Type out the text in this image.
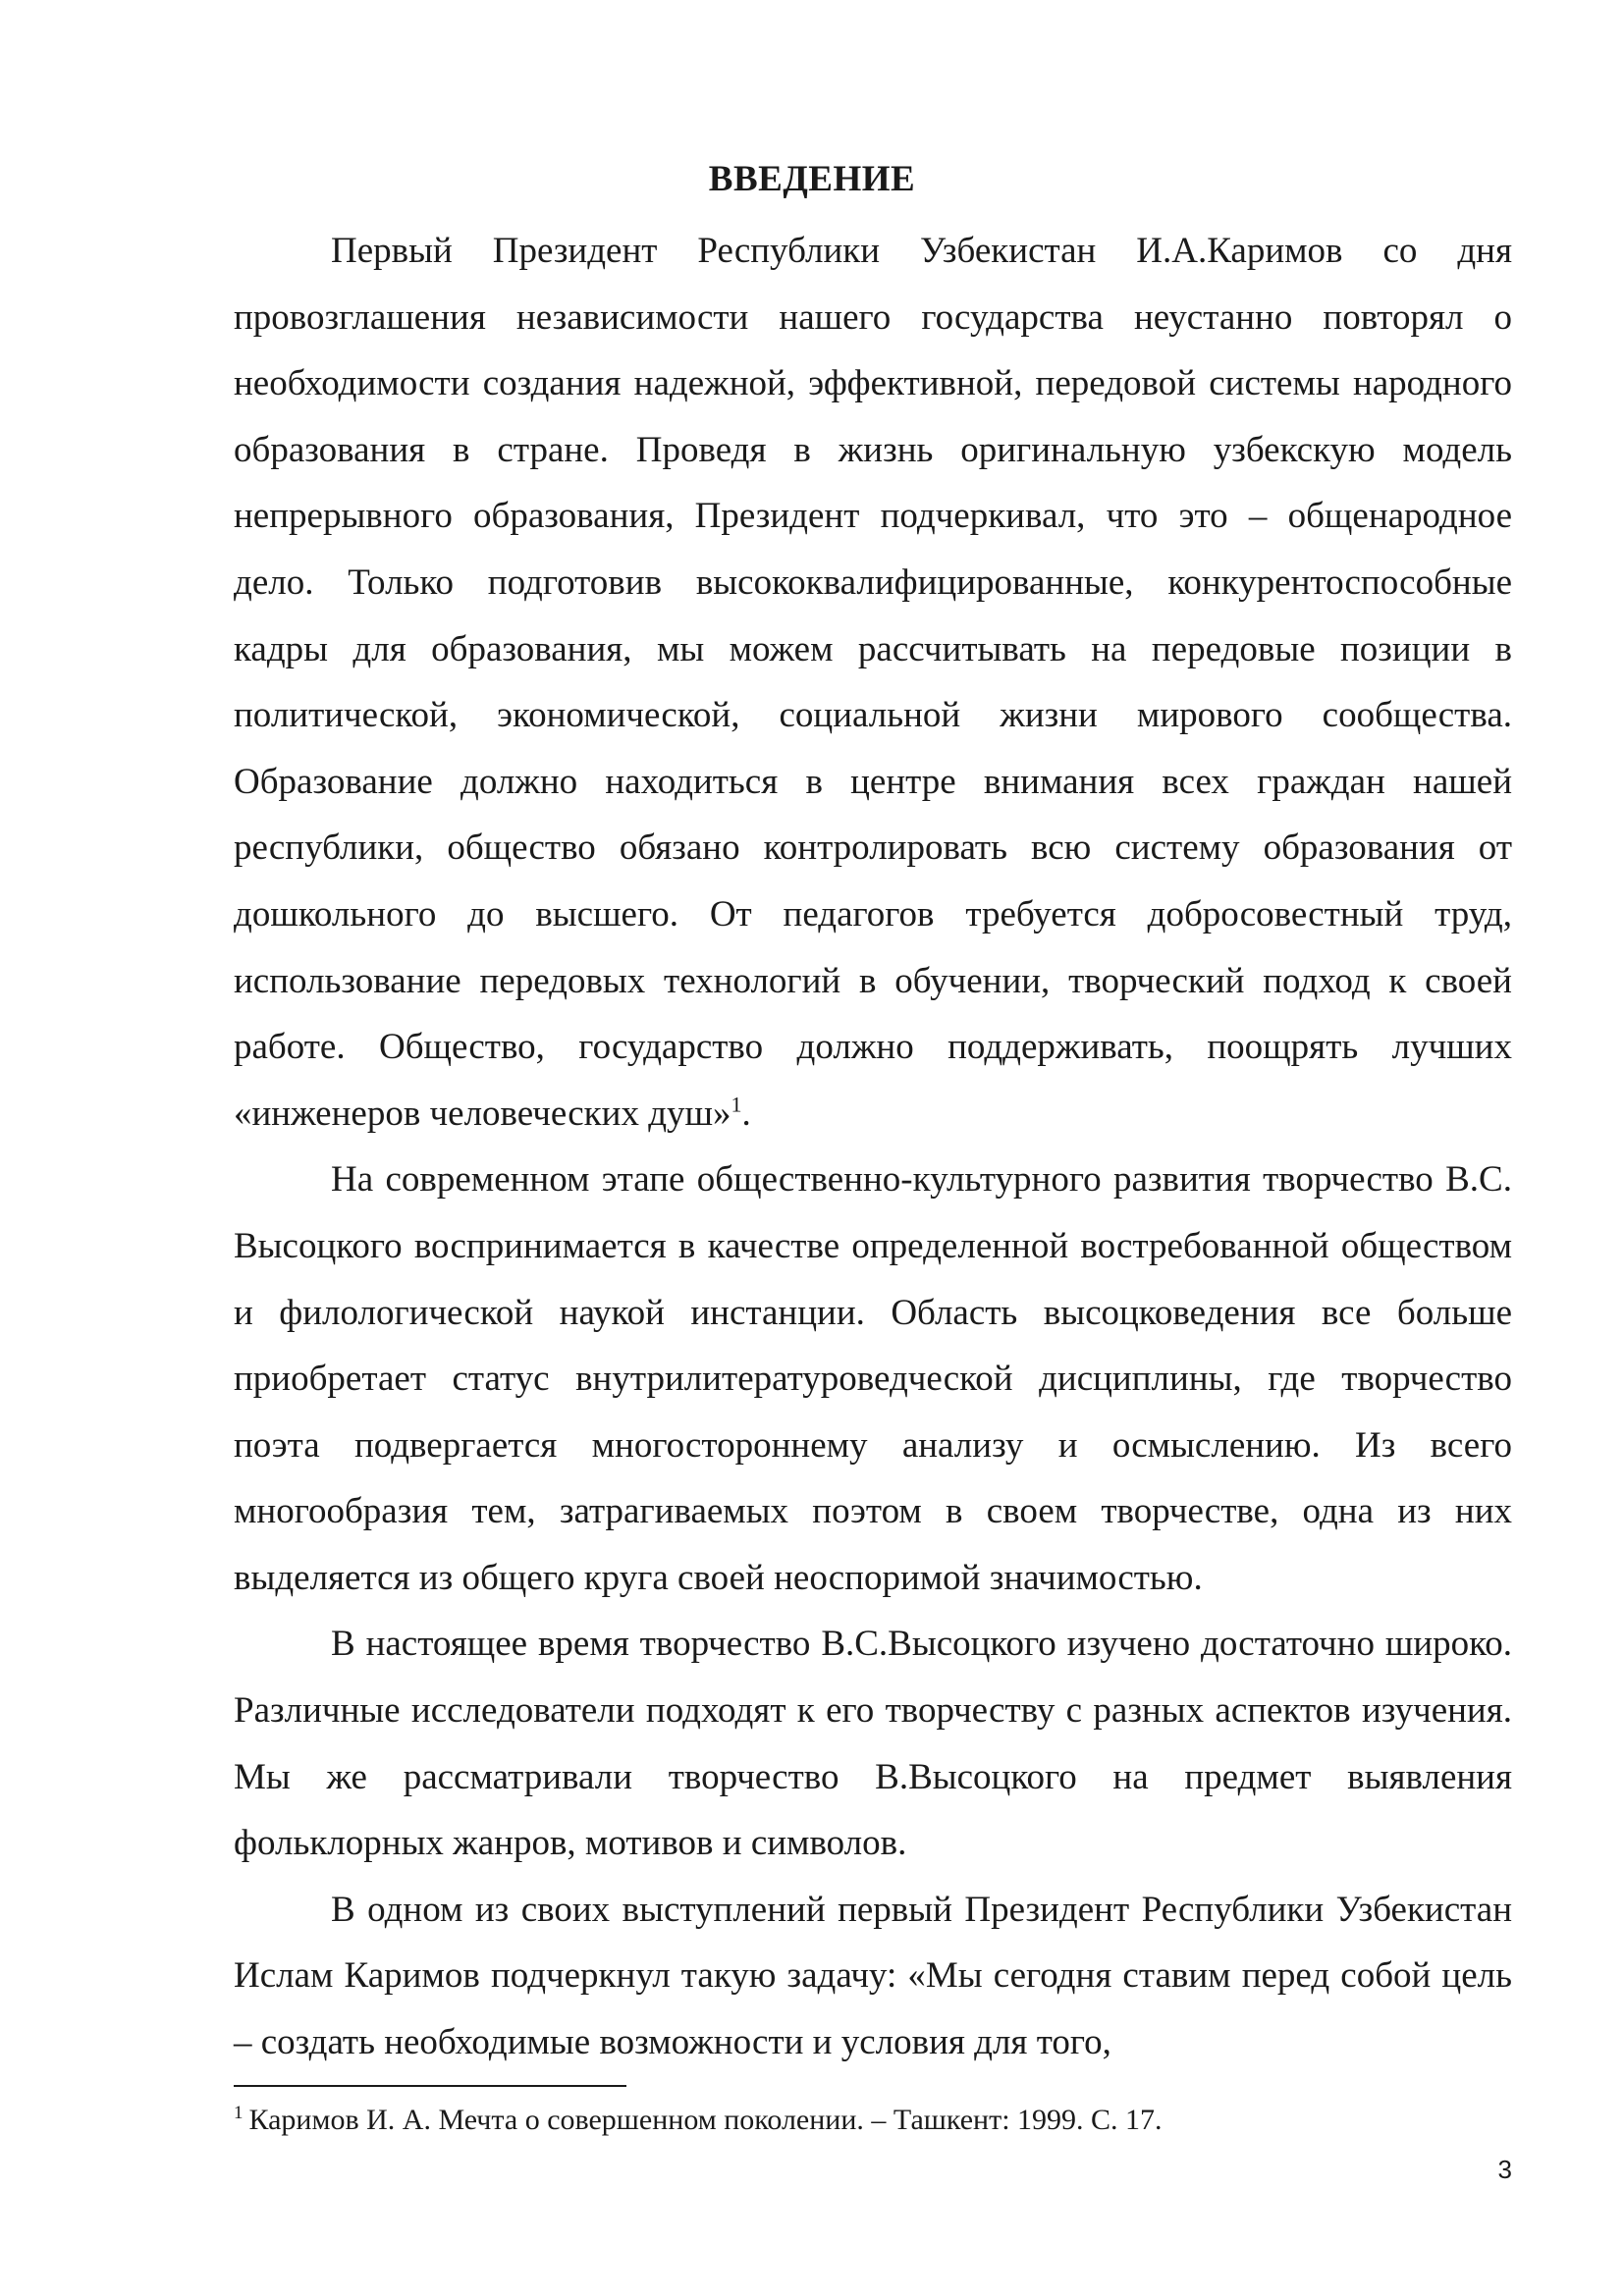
ВВЕДЕНИЕ

Первый Президент Республики Узбекистан И.А.Каримов со дня провозглашения независимости нашего государства неустанно повторял о необходимости создания надежной, эффективной, передовой системы народного образования в стране. Проведя в жизнь оригинальную узбекскую модель непрерывного образования, Президент подчеркивал, что это – общенародное дело. Только подготовив высококвалифицированные, конкурентоспособные кадры для образования, мы можем рассчитывать на передовые позиции в политической, экономической, социальной жизни мирового сообщества. Образование должно находиться в центре внимания всех граждан нашей республики, общество обязано контролировать всю систему образования от дошкольного до высшего. От педагогов требуется добросовестный труд, использование передовых технологий в обучении, творческий подход к своей работе. Общество, государство должно поддерживать, поощрять лучших «инженеров человеческих душ»$^1$.

На современном этапе общественно-культурного развития творчество В.С. Высоцкого воспринимается в качестве определенной востребованной обществом и филологической наукой инстанции. Область высоцковедения все больше приобретает статус внутрилитературоведческой дисциплины, где творчество поэта подвергается многостороннему анализу и осмыслению. Из всего многообразия тем, затрагиваемых поэтом в своем творчестве, одна из них выделяется из общего круга своей неоспоримой значимостью.

В настоящее время творчество В.С.Высоцкого изучено достаточно широко. Различные исследователи подходят к его творчеству с разных аспектов изучения. Мы же рассматривали творчество В.Высоцкого на предмет выявления фольклорных жанров, мотивов и символов.

В одном из своих выступлений первый Президент Республики Узбекистан Ислам Каримов подчеркнул такую задачу: «Мы сегодня ставим перед собой цель – создать необходимые возможности и условия для того,

$^1$ Каримов И. А. Мечта о совершенном поколении. – Ташкент: 1999. С. 17.
3
